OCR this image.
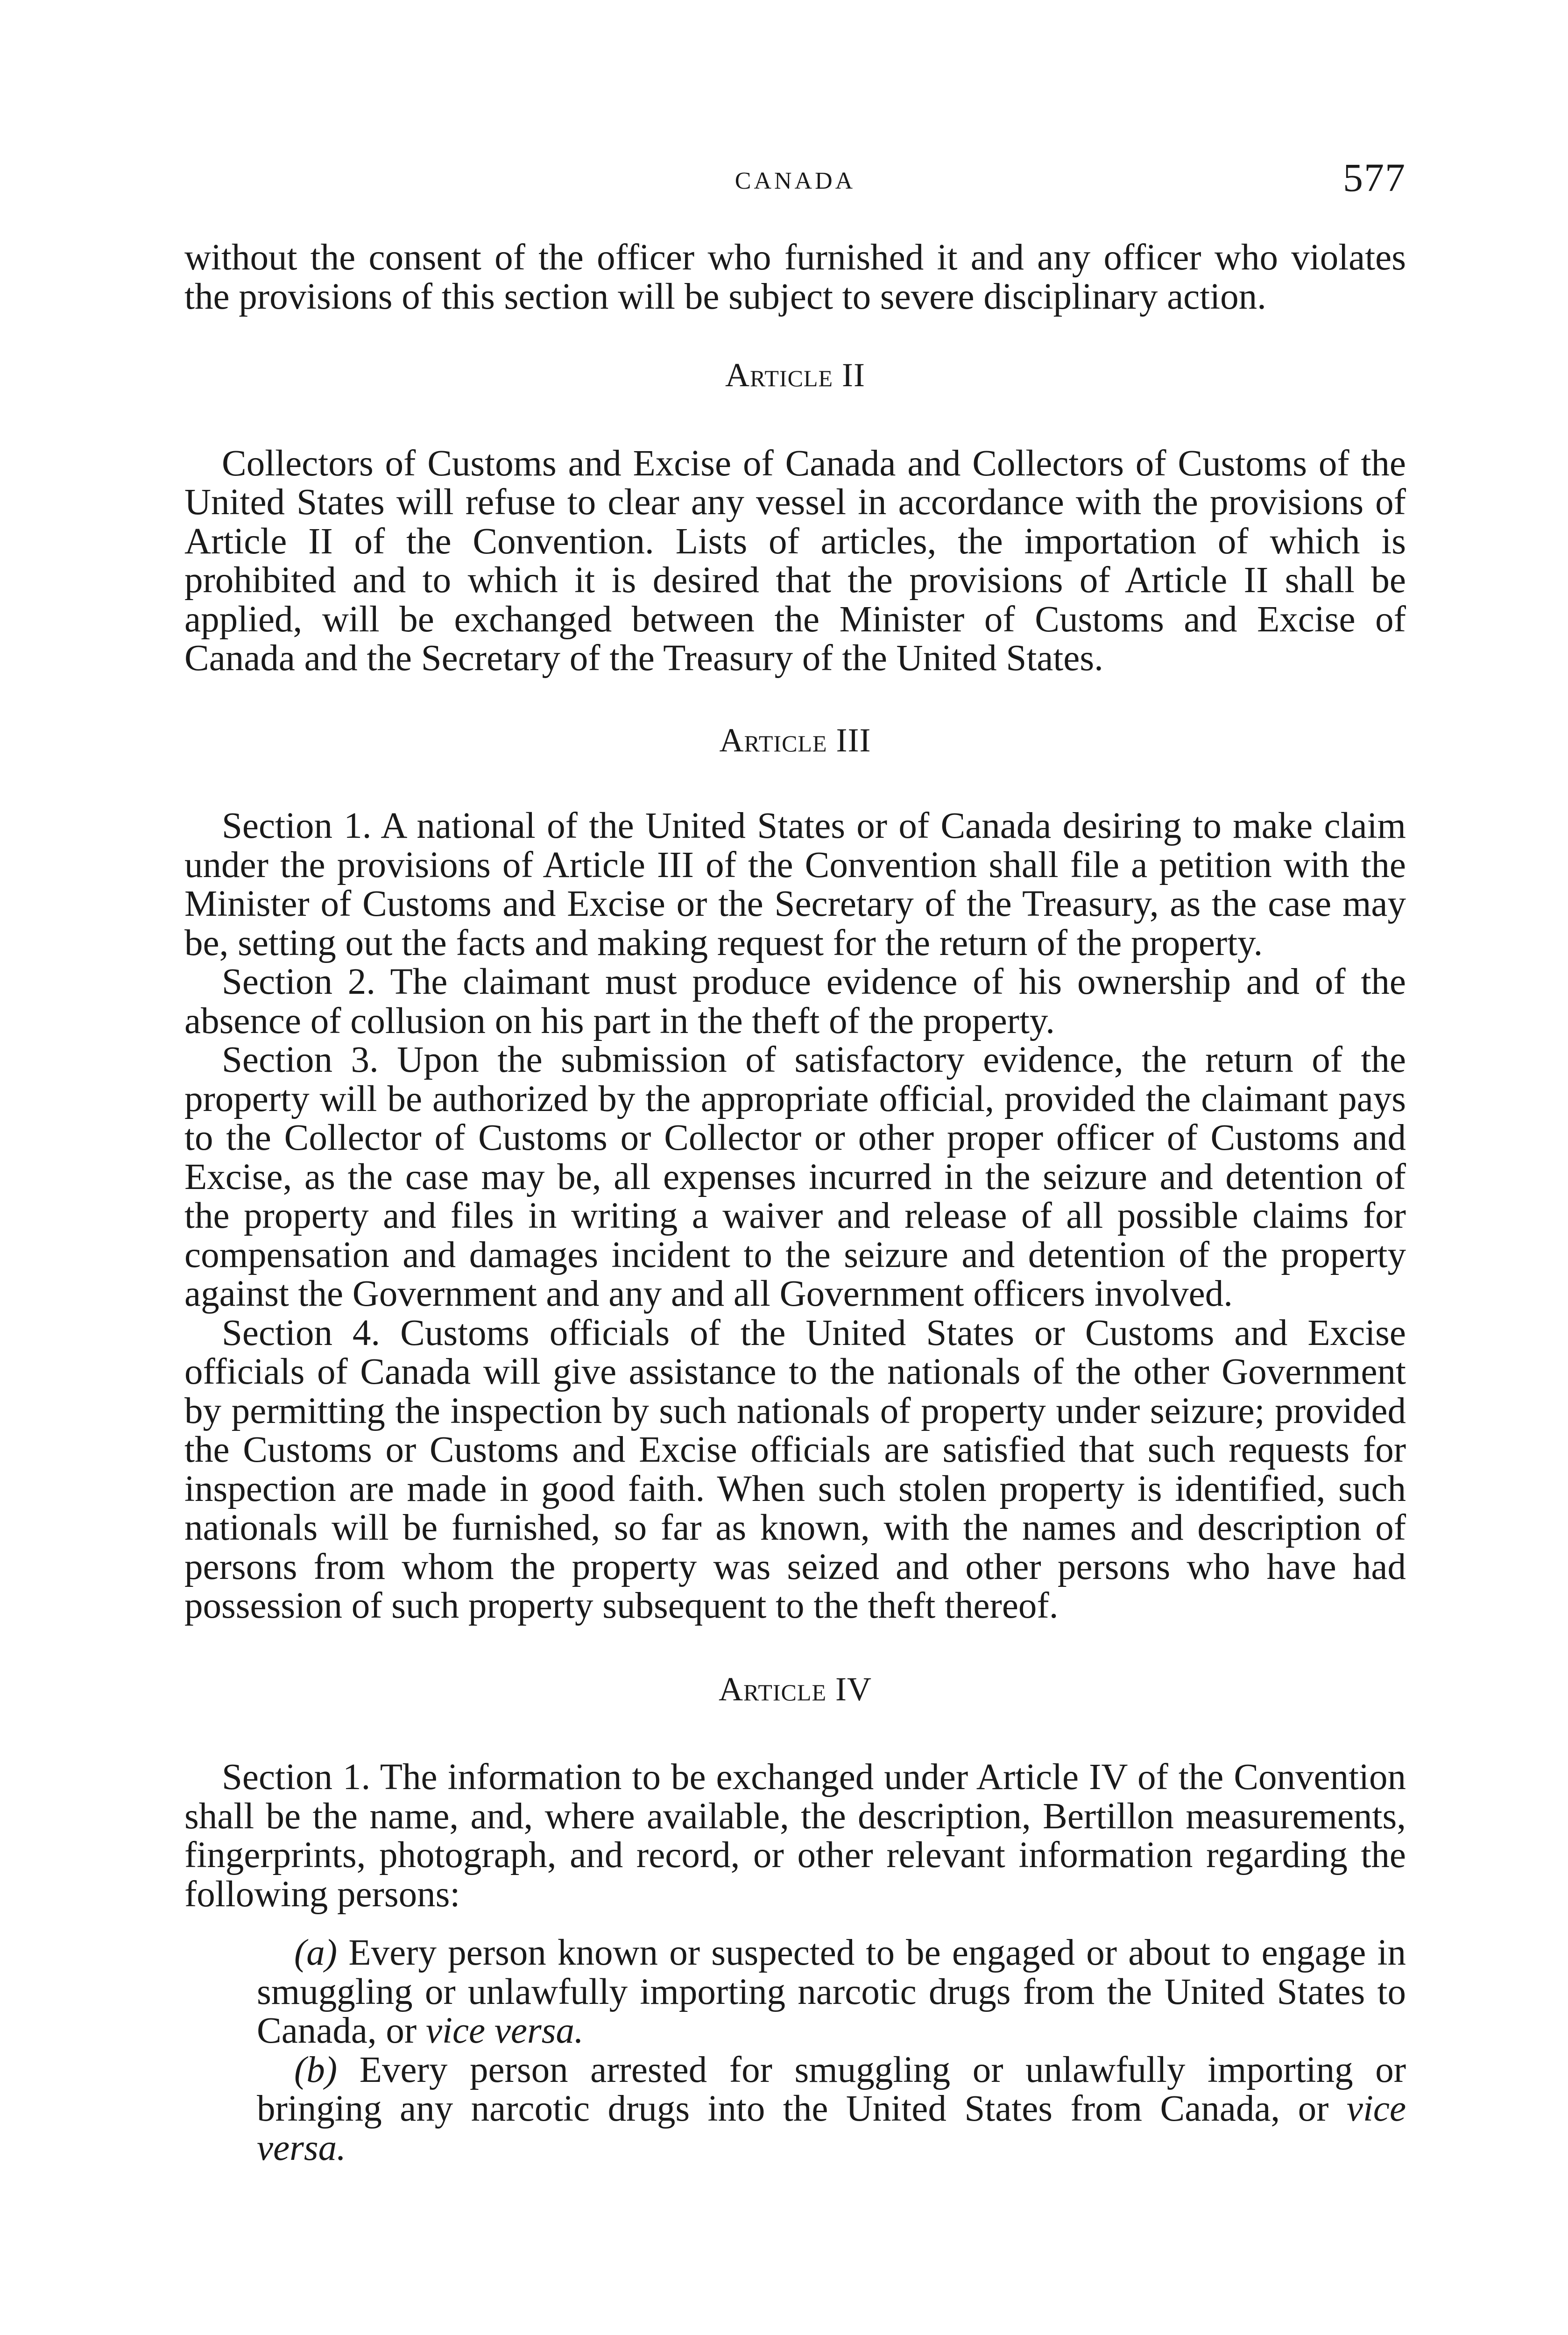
CANADA	577

without the consent of the officer who furnished it and any officer who violates the provisions of this section will be subject to severe disciplinary action.

Article II

Collectors of Customs and Excise of Canada and Collectors of Customs of the United States will refuse to clear any vessel in accordance with the provisions of Article II of the Convention. Lists of articles, the importation of which is prohibited and to which it is desired that the provisions of Article II shall be applied, will be exchanged between the Minister of Customs and Excise of Canada and the Secretary of the Treasury of the United States.

Article III

Section 1. A national of the United States or of Canada desiring to make claim under the provisions of Article III of the Convention shall file a petition with the Minister of Customs and Excise or the Secretary of the Treasury, as the case may be, setting out the facts and making request for the return of the property.

Section 2. The claimant must produce evidence of his ownership and of the absence of collusion on his part in the theft of the property.

Section 3. Upon the submission of satisfactory evidence, the return of the property will be authorized by the appropriate official, provided the claimant pays to the Collector of Customs or Collector or other proper officer of Customs and Excise, as the case may be, all expenses incurred in the seizure and detention of the property and files in writing a waiver and release of all possible claims for compensation and damages incident to the seizure and detention of the property against the Government and any and all Government officers involved.

Section 4. Customs officials of the United States or Customs and Excise officials of Canada will give assistance to the nationals of the other Government by permitting the inspection by such nationals of property under seizure; provided the Customs or Customs and Excise officials are satisfied that such requests for inspection are made in good faith. When such stolen property is identified, such nationals will be furnished, so far as known, with the names and description of persons from whom the property was seized and other persons who have had possession of such property subsequent to the theft thereof.

Article IV

Section 1. The information to be exchanged under Article IV of the Convention shall be the name, and, where available, the description, Bertillon measurements, fingerprints, photograph, and record, or other relevant information regarding the following persons:

(a) Every person known or suspected to be engaged or about to engage in smuggling or unlawfully importing narcotic drugs from the United States to Canada, or vice versa.

(b) Every person arrested for smuggling or unlawfully importing or bringing any narcotic drugs into the United States from Canada, or vice versa.
